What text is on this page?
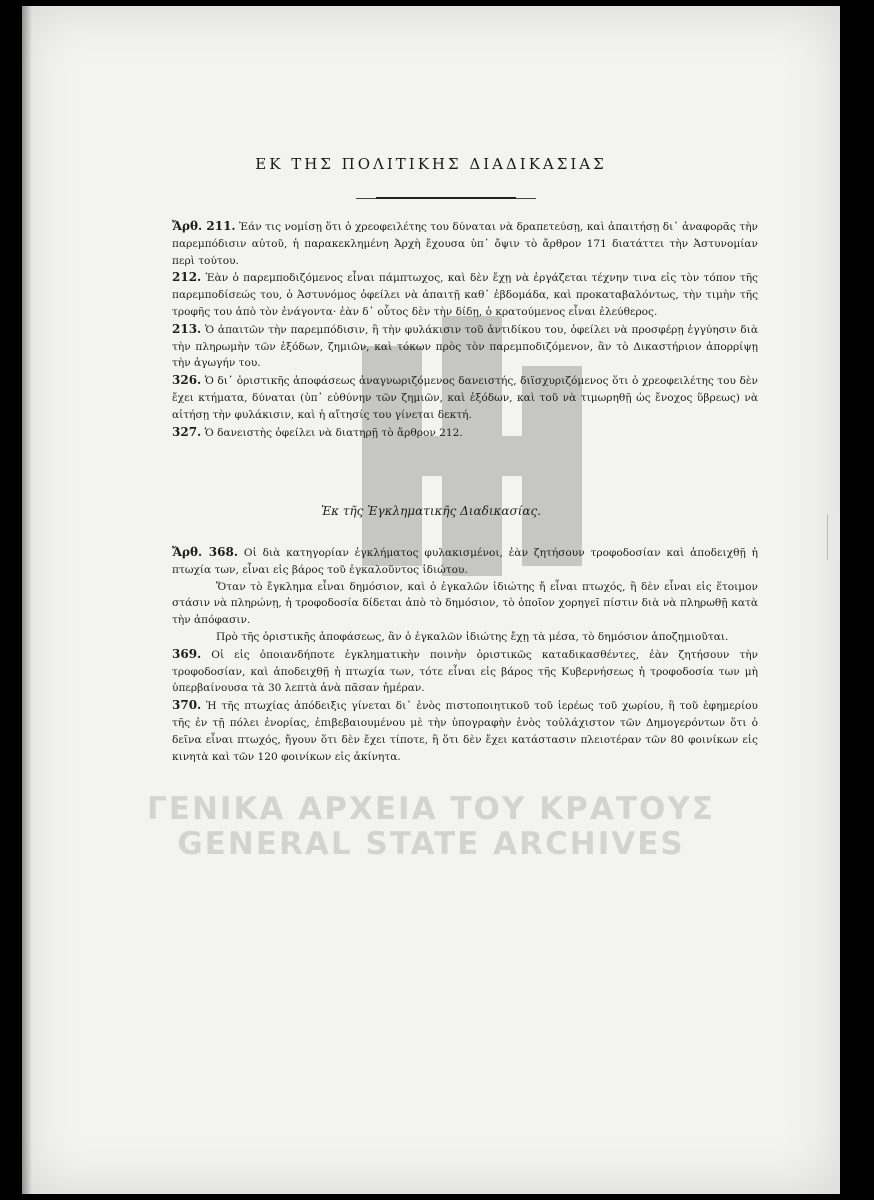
ΕΚ ΤΗΣ ΠΟΛΙΤΙΚΗΣ ΔΙΑΔΙΚΑΣΙΑΣ

Ἄρθ. 211. Ἐάν τις νομίσῃ ὅτι ὁ χρεοφειλέτης του δύναται νὰ δραπετεύσῃ, καὶ ἀπαιτήσῃ δι᾽ ἀναφορᾶς τὴν παρεμπόδισιν αὐτοῦ, ἡ παρακεκλημένη Ἀρχὴ ἔχουσα ὑπ᾽ ὄψιν τὸ ἄρθρον 171 διατάττει τὴν Ἀστυνομίαν περὶ τούτου.

212. Ἐὰν ὁ παρεμποδιζόμενος εἶναι πάμπτωχος, καὶ δὲν ἔχῃ νὰ ἐργάζεται τέχνην τινα εἰς τὸν τόπον τῆς παρεμποδίσεώς του, ὁ Ἀστυνόμος ὀφείλει νὰ ἀπαιτῇ καθ᾽ ἑβδομάδα, καὶ προκαταβαλόντως, τὴν τιμὴν τῆς τροφῆς του ἀπὸ τὸν ἐνάγοντα· ἐὰν δ᾽ οὗτος δὲν τὴν δίδῃ, ὁ κρατούμενος εἶναι ἐλεύθερος.

213. Ὁ ἀπαιτῶν τὴν παρεμπόδισιν, ἢ τὴν φυλάκισιν τοῦ ἀντιδίκου του, ὀφείλει νὰ προσφέρῃ ἐγγύησιν διὰ τὴν πληρωμὴν τῶν ἐξόδων, ζημιῶν, καὶ τόκων πρὸς τὸν παρεμποδιζόμενον, ἂν τὸ Δικαστήριον ἀπορρίψῃ τὴν ἀγωγήν του.

326. Ὁ δι᾽ ὁριστικῆς ἀποφάσεως ἀναγνωριζόμενος δανειστής, διϊσχυριζόμενος ὅτι ὁ χρεοφειλέτης του δὲν ἔχει κτήματα, δύναται (ὑπ᾽ εὐθύνην τῶν ζημιῶν, καὶ ἐξόδων, καὶ τοῦ νὰ τιμωρηθῇ ὡς ἔνοχος ὕβρεως) νὰ αἰτήσῃ τὴν φυλάκισιν, καὶ ἡ αἴτησίς του γίνεται δεκτή.

327. Ὁ δανειστὴς ὀφείλει νὰ διατηρῇ τὸ ἄρθρον 212.

Ἐκ τῆς Ἐγκληματικῆς Διαδικασίας.

Ἄρθ. 368. Οἱ διὰ κατηγορίαν ἐγκλήματος φυλακισμένοι, ἐὰν ζητήσουν τροφοδοσίαν καὶ ἀποδειχθῇ ἡ πτωχία των, εἶναι εἰς βάρος τοῦ ἐγκαλοῦντος ἰδιώτου.

Ὅταν τὸ ἔγκλημα εἶναι δημόσιον, καὶ ὁ ἐγκαλῶν ἰδιώτης ἤ εἶναι πτωχός, ἢ δὲν εἶναι εἰς ἕτοιμον στάσιν νὰ πληρώνῃ, ἡ τροφοδοσία δίδεται ἀπὸ τὸ δημόσιον, τὸ ὁποῖον χορηγεῖ πίστιν διὰ νὰ πληρωθῇ κατὰ τὴν ἀπόφασιν.

Πρὸ τῆς ὁριστικῆς ἀποφάσεως, ἂν ὁ ἐγκαλῶν ἰδιώτης ἔχῃ τὰ μέσα, τὸ δημόσιον ἀποζημιοῦται.

369. Οἱ εἰς ὁποιανδήποτε ἐγκληματικὴν ποινὴν ὁριστικῶς καταδικασθέντες, ἐὰν ζητήσουν τὴν τροφοδοσίαν, καὶ ἀποδειχθῇ ἡ πτωχία των, τότε εἶναι εἰς βάρος τῆς Κυβερνήσεως ἡ τροφοδοσία των μὴ ὑπερβαίνουσα τὰ 30 λεπτὰ ἀνὰ πᾶσαν ἡμέραν.

370. Ἡ τῆς πτωχίας ἀπόδειξις γίνεται δι᾽ ἑνὸς πιστοποιητικοῦ τοῦ ἱερέως τοῦ χωρίου, ἢ τοῦ ἐφημερίου τῆς ἐν τῇ πόλει ἐνορίας, ἐπιβεβαιουμένου μὲ τὴν ὑπογραφὴν ἑνὸς τοὐλάχιστον τῶν Δημογερόντων ὅτι ὁ δεῖνα εἶναι πτωχός, ἤγουν ὅτι δὲν ἔχει τίποτε, ἢ ὅτι δὲν ἔχει κατάστασιν πλειοτέραν τῶν 80 φοινίκων εἰς κινητὰ καὶ τῶν 120 φοινίκων εἰς ἀκίνητα.

ΓΕΝΙΚΑ ΑΡΧΕΙΑ ΤΟΥ ΚΡΑΤΟΥΣ
GENERAL STATE ARCHIVES
